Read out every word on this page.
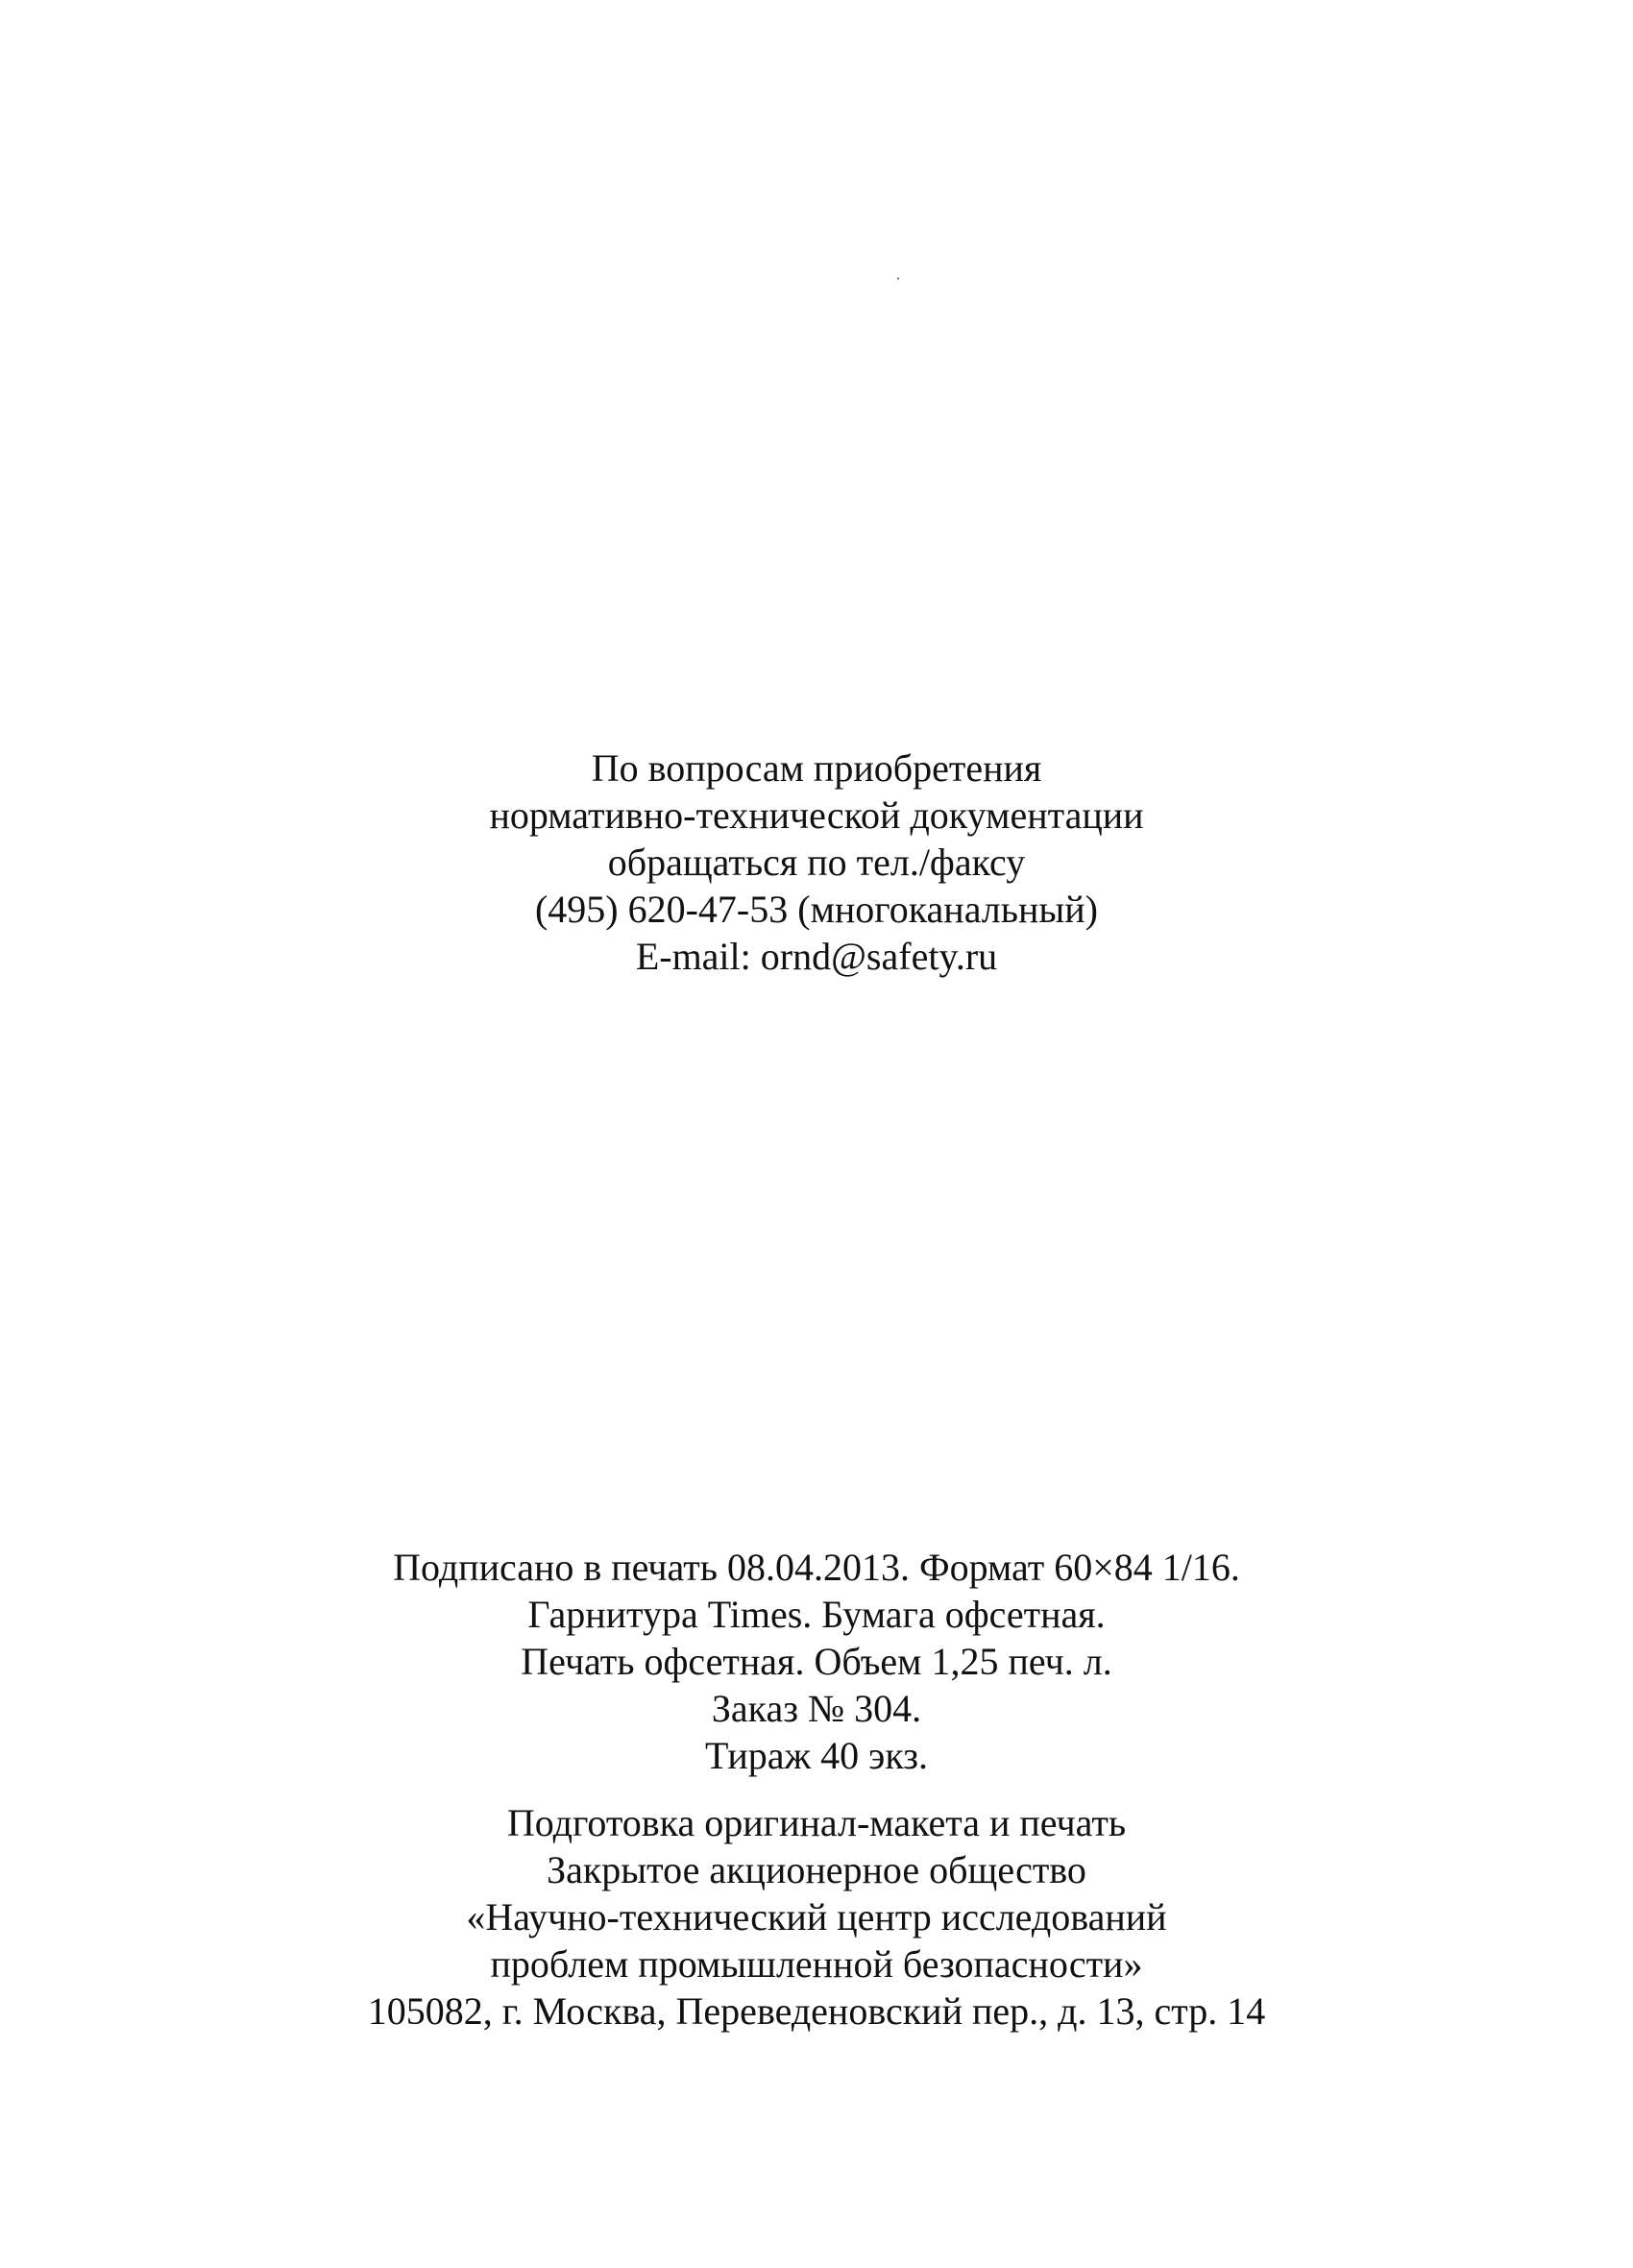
По вопросам приобретения
нормативно-технической документации
обращаться по тел./факсу
(495) 620-47-53 (многоканальный)
E-mail: ornd@safety.ru
Подписано в печать 08.04.2013. Формат 60×84 1/16.
Гарнитура Times. Бумага офсетная.
Печать офсетная. Объем 1,25 печ. л.
Заказ № 304.
Тираж 40 экз.
Подготовка оригинал-макета и печать
Закрытое акционерное общество
«Научно-технический центр исследований
проблем промышленной безопасности»
105082, г. Москва, Переведеновский пер., д. 13, стр. 14
